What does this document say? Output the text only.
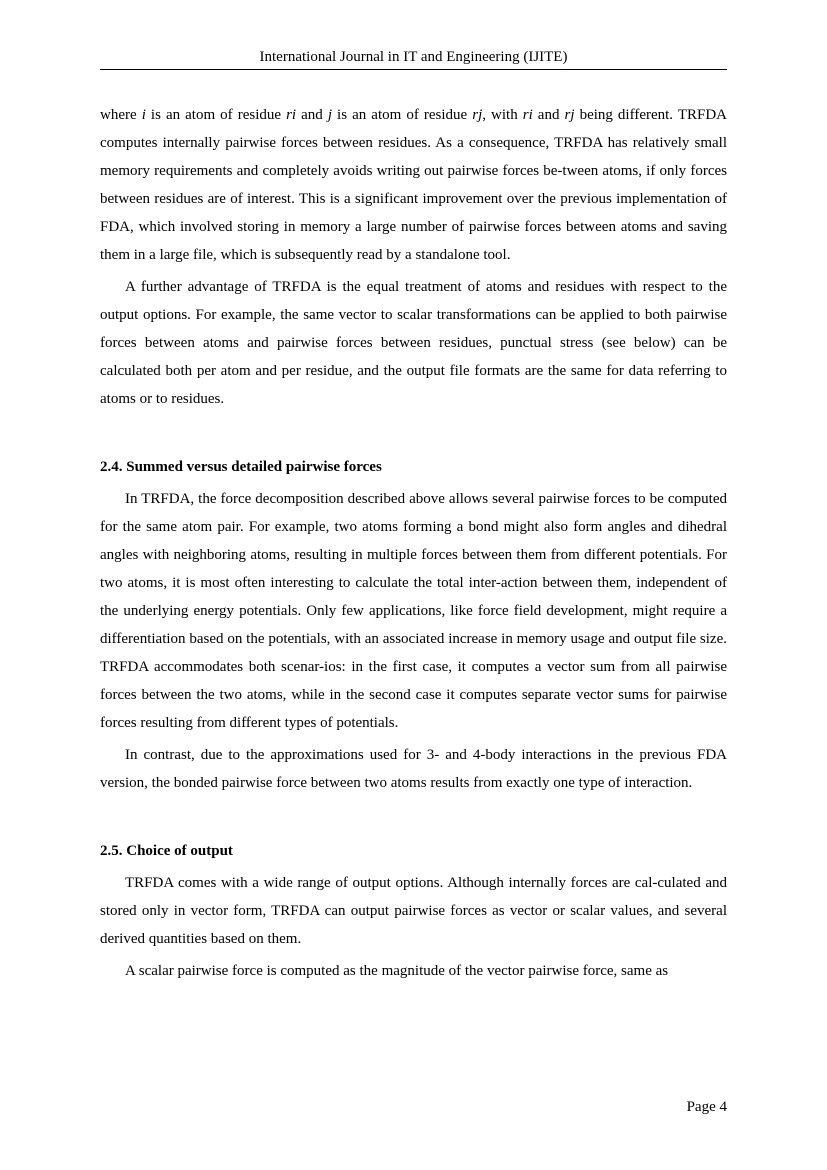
International Journal in IT and Engineering (IJITE)

where i is an atom of residue ri and j is an atom of residue rj, with ri and rj being different. TRFDA computes internally pairwise forces between residues. As a consequence, TRFDA has relatively small memory requirements and completely avoids writing out pairwise forces be-tween atoms, if only forces between residues are of interest. This is a significant improvement over the previous implementation of FDA, which involved storing in memory a large number of pairwise forces between atoms and saving them in a large file, which is subsequently read by a standalone tool.

A further advantage of TRFDA is the equal treatment of atoms and residues with respect to the output options. For example, the same vector to scalar transformations can be applied to both pairwise forces between atoms and pairwise forces between residues, punctual stress (see below) can be calculated both per atom and per residue, and the output file formats are the same for data referring to atoms or to residues.

2.4. Summed versus detailed pairwise forces

In TRFDA, the force decomposition described above allows several pairwise forces to be computed for the same atom pair. For example, two atoms forming a bond might also form angles and dihedral angles with neighboring atoms, resulting in multiple forces between them from different potentials. For two atoms, it is most often interesting to calculate the total inter-action between them, independent of the underlying energy potentials. Only few applications, like force field development, might require a differentiation based on the potentials, with an associated increase in memory usage and output file size. TRFDA accommodates both scenar-ios: in the first case, it computes a vector sum from all pairwise forces between the two atoms, while in the second case it computes separate vector sums for pairwise forces resulting from different types of potentials.

In contrast, due to the approximations used for 3- and 4-body interactions in the previous FDA version, the bonded pairwise force between two atoms results from exactly one type of interaction.

2.5. Choice of output

TRFDA comes with a wide range of output options. Although internally forces are cal-culated and stored only in vector form, TRFDA can output pairwise forces as vector or scalar values, and several derived quantities based on them.

A scalar pairwise force is computed as the magnitude of the vector pairwise force, same as

Page 4
